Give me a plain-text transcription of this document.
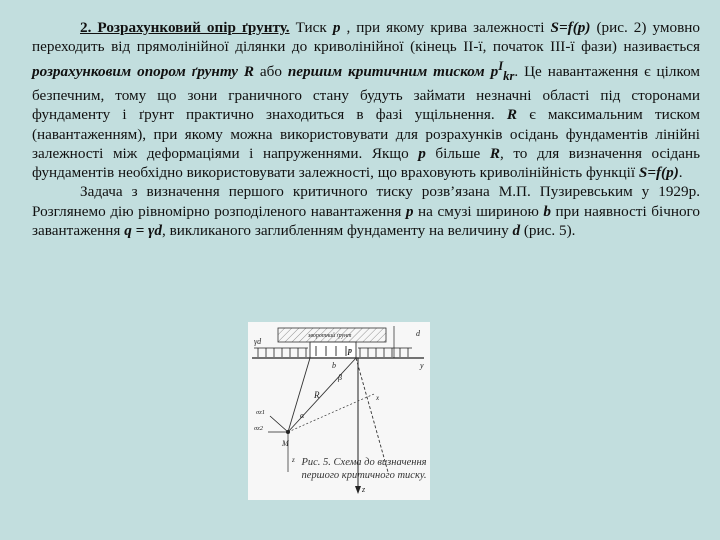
2. Розрахунковий опір ґрунту. Тиск p , при якому крива залежності S=f(p) (рис. 2) умовно переходить від прямолінійної ділянки до криволінійної (кінець ІІ-ї, початок ІІІ-ї фази) називається розрахунковим опором ґрунту R або першим критичним тиском $p^I_{kr}$. Це навантаження є цілком безпечним, тому що зони граничного стану будуть займати незначні області під сторонами фундаменту і ґрунт практично знаходиться в фазі ущільнення. R є максимальним тиском (навантаженням), при якому можна використовувати для розрахунків осідань фундаментів лінійні залежності між деформаціями і напруженнями. Якщо p більше R, то для визначення осідань фундаментів необхідно використовувати залежності, що враховують криволінійність функції S=f(p).

Задача з визначення першого критичного тиску розв’язана М.П. Пузиревським у 1929р. Розглянемо дію рівномірно розподіленого навантаження p на смузі шириною b при наявності бічного завантаження q = γd, викликаного заглибленням фундаменту на величину d (рис. 5).

зворотний ґрунт
γd
p
d
y
b
z
R
β
α
x
M
σz1
σz2
z Рис. 5. Схема до визначення першого критичного тиску.
